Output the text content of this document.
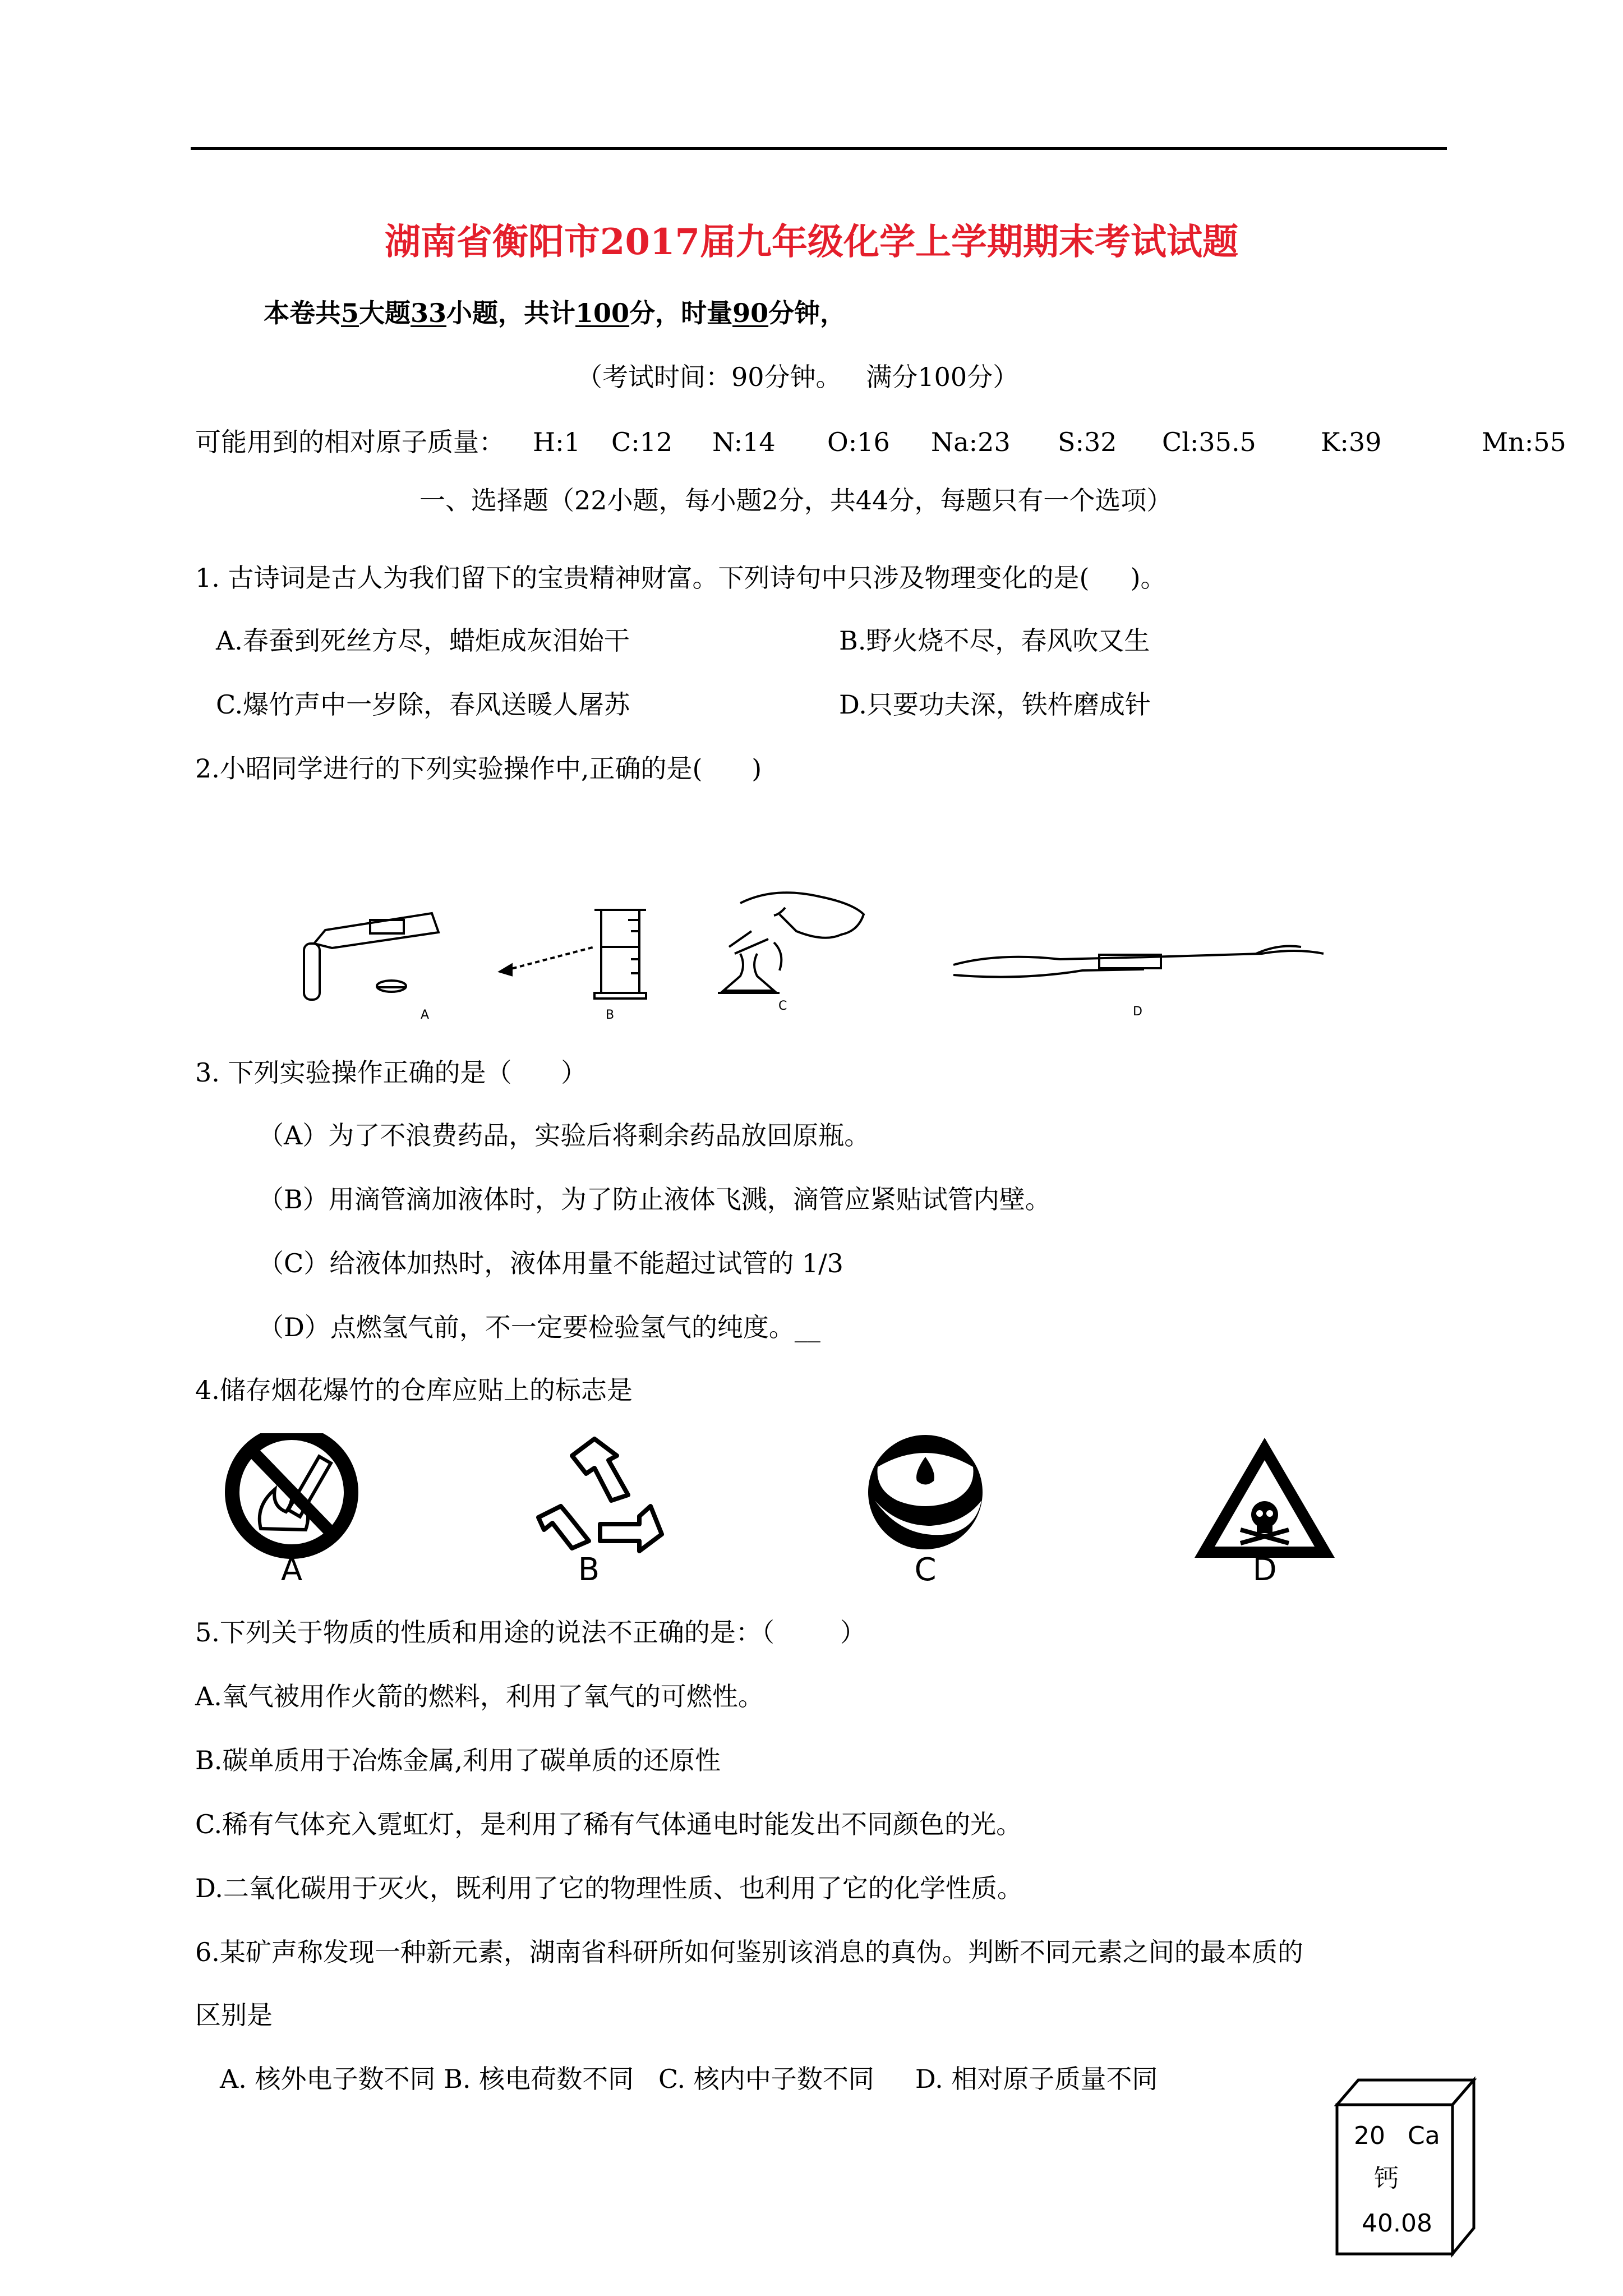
湖南省衡阳市2017届九年级化学上学期期末考试试题
本卷共5大题33小题，共计100分，时量90分钟，
（考试时间：90分钟。   满分100分）
可能用到的相对原子质量： H:1 C:12 N:14 O:16 Na:23 S:32 Cl:35.5	K:39	Mn:55
一、选择题（22小题，每小题2分，共44分，每题只有一个选项）
1. 古诗词是古人为我们留下的宝贵精神财富。下列诗句中只涉及物理变化的是(     )。
A.春蚕到死丝方尽，蜡炬成灰泪始干	B.野火烧不尽，春风吹又生
C.爆竹声中一岁除，春风送暖人屠苏	D.只要功夫深，铁杵磨成针
2.小昭同学进行的下列实验操作中,正确的是(      )
A	B
C	D
3. 下列实验操作正确的是（      ）
（A）为了不浪费药品，实验后将剩余药品放回原瓶。
（B）用滴管滴加液体时，为了防止液体飞溅，滴管应紧贴试管内壁。
（C）给液体加热时，液体用量不能超过试管的 1/3
（D）点燃氢气前，不一定要检验氢气的纯度。__
4.储存烟花爆竹的仓库应贴上的标志是
A	B	C	D
5.下列关于物质的性质和用途的说法不正确的是：（        ）
A.氧气被用作火箭的燃料，利用了氧气的可燃性。
B.碳单质用于冶炼金属,利用了碳单质的还原性
C.稀有气体充入霓虹灯，是利用了稀有气体通电时能发出不同颜色的光。
D.二氧化碳用于灭火，既利用了它的物理性质、也利用了它的化学性质。
6.某矿声称发现一种新元素，湖南省科研所如何鉴别该消息的真伪。判断不同元素之间的最本质的
区别是
A. 核外电子数不同 B. 核电荷数不同   C. 核内中子数不同     D. 相对原子质量不同
20 Ca
钙
40.08
